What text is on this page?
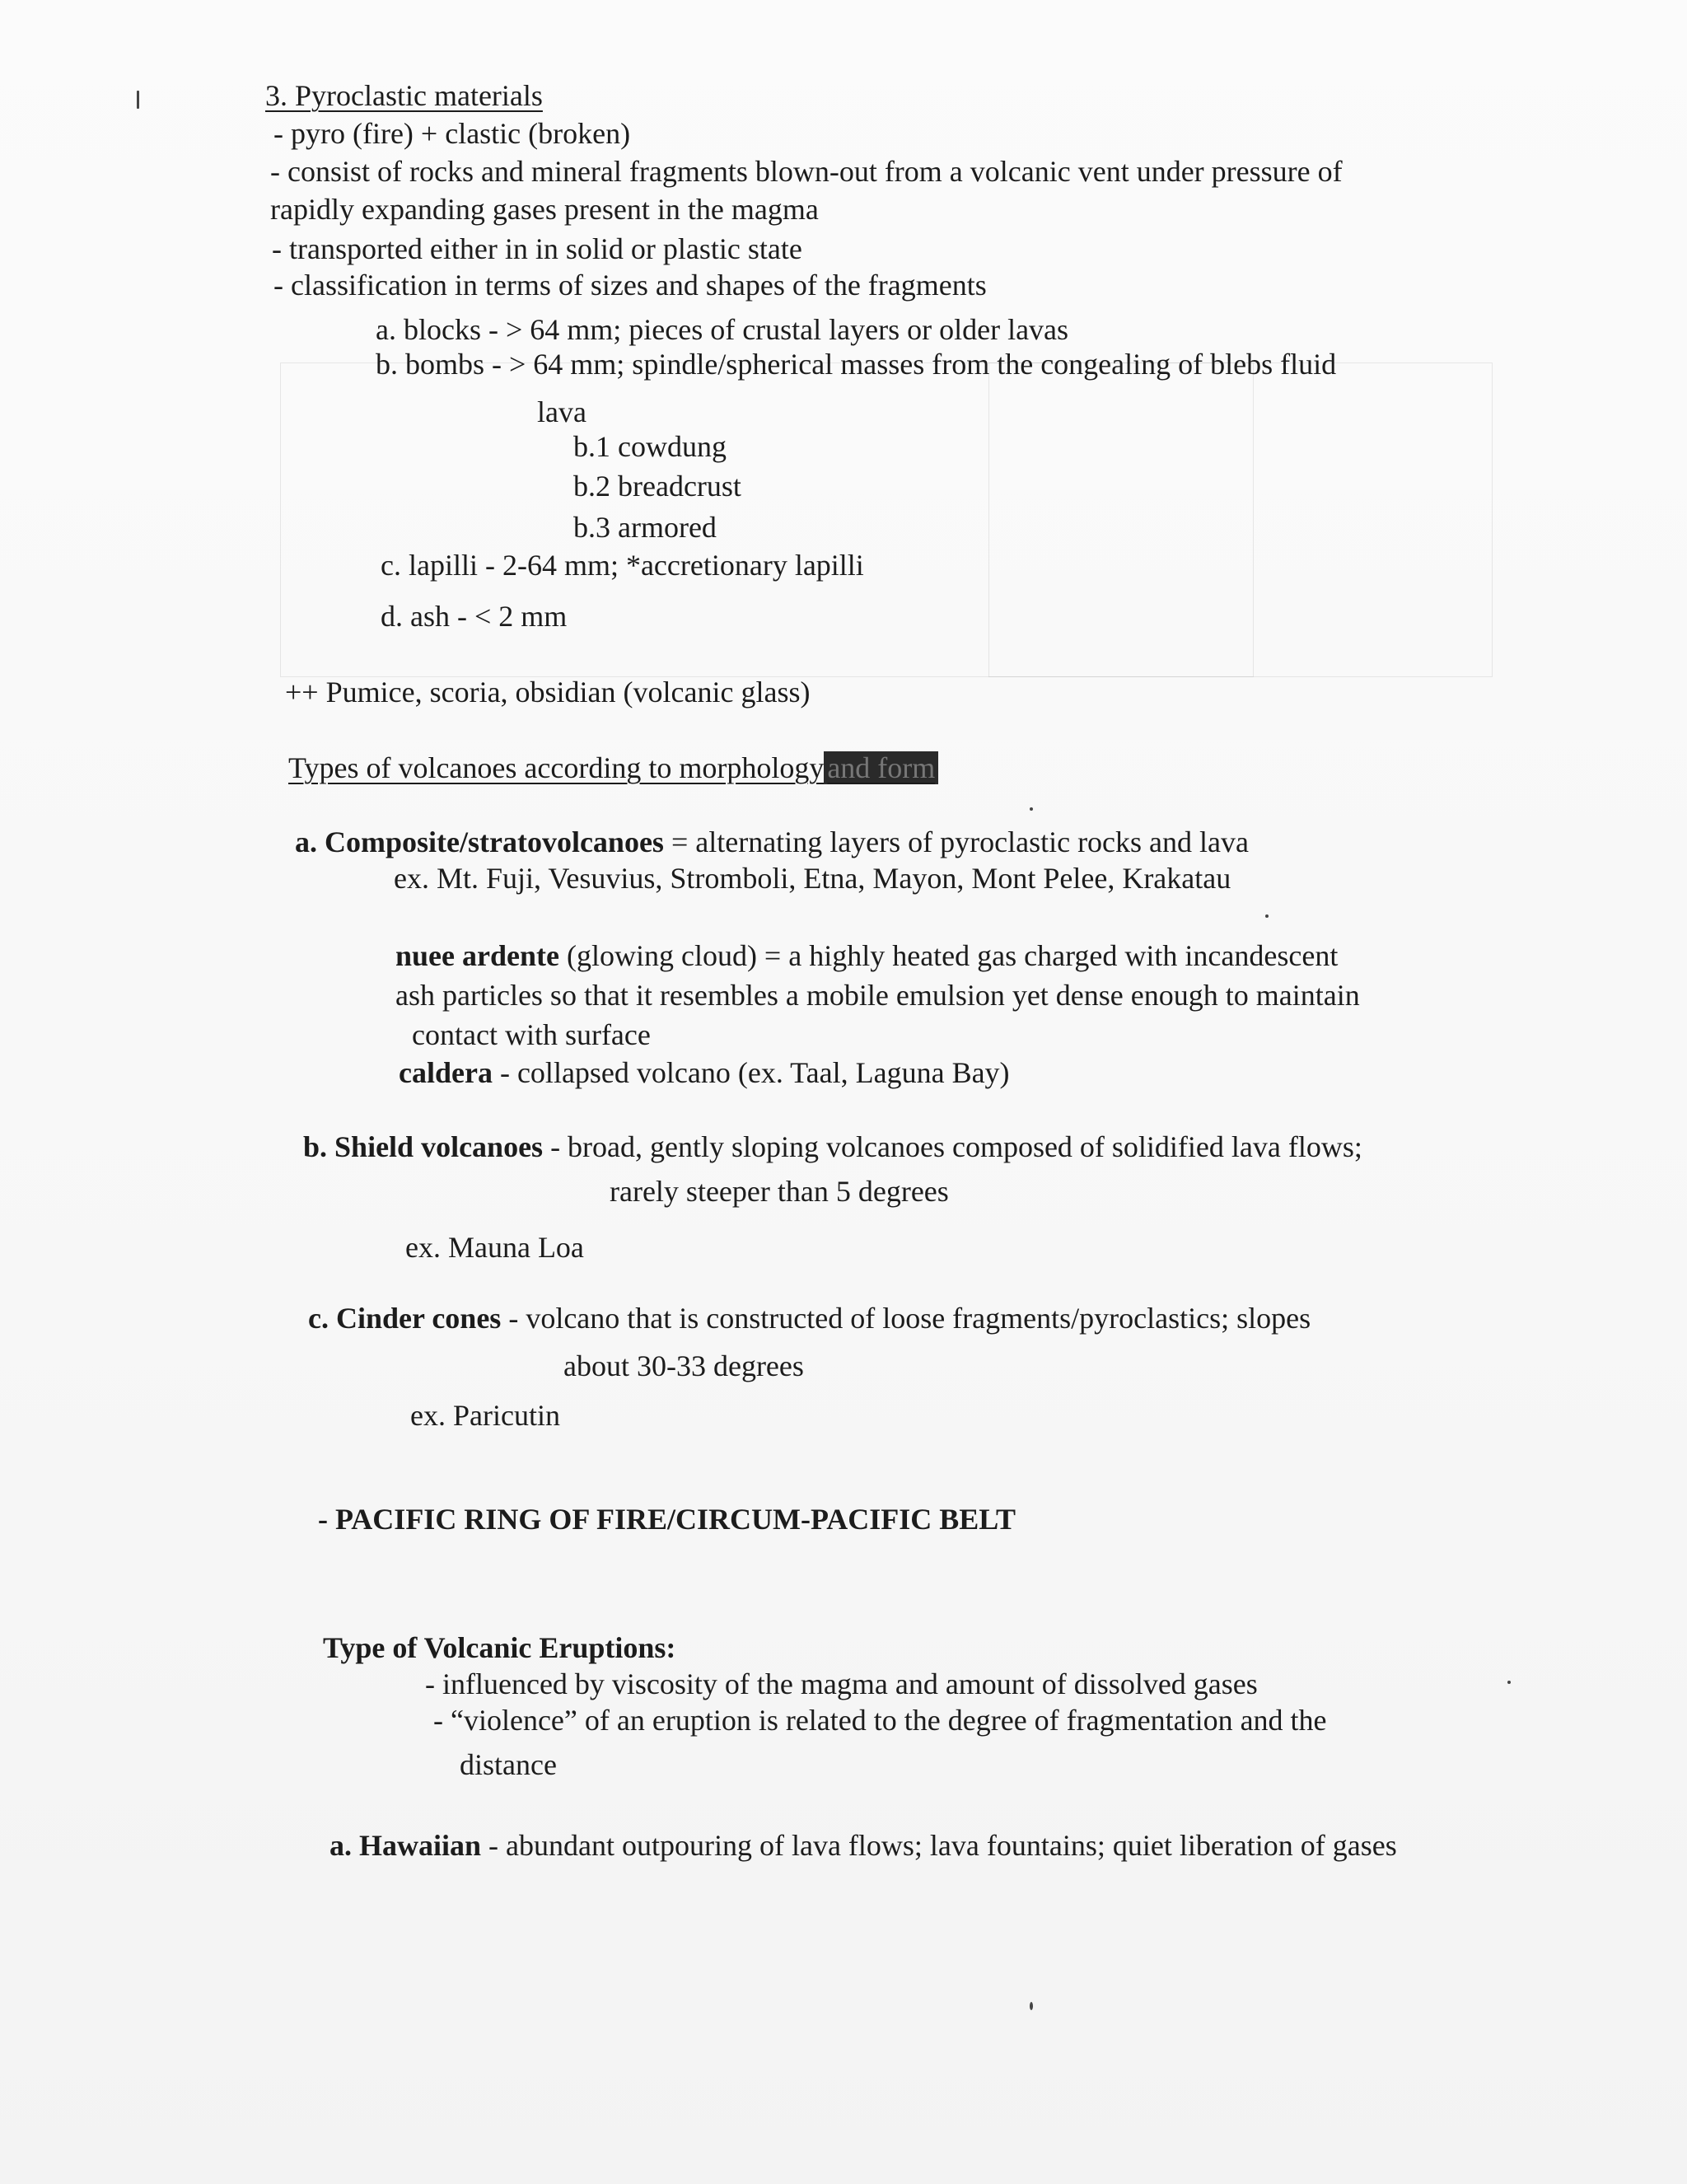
3. Pyroclastic materials
- pyro (fire) + clastic (broken)
- consist of rocks and mineral fragments blown-out from a volcanic vent under pressure of
rapidly expanding gases present in the magma
- transported either in in solid or plastic state
- classification in terms of sizes and shapes of the fragments
a. blocks - > 64 mm; pieces of crustal layers or older lavas
b. bombs - > 64 mm; spindle/spherical masses from the congealing of blebs fluid
lava
b.1 cowdung
b.2 breadcrust
b.3 armored
c. lapilli - 2-64 mm; *accretionary lapilli
d. ash - < 2 mm
++ Pumice, scoria, obsidian (volcanic glass)
Types of volcanoes according to morphology and form
a. Composite/stratovolcanoes = alternating layers of pyroclastic rocks and lava
ex. Mt. Fuji, Vesuvius, Stromboli, Etna, Mayon, Mont Pelee, Krakatau
nuee ardente (glowing cloud) = a highly heated gas charged with incandescent
ash particles so that it resembles a mobile emulsion yet dense enough to maintain
contact with surface
caldera - collapsed volcano (ex. Taal, Laguna Bay)
b. Shield volcanoes - broad, gently sloping volcanoes composed of solidified lava flows;
rarely steeper than 5 degrees
ex. Mauna Loa
c. Cinder cones - volcano that is constructed of loose fragments/pyroclastics; slopes
about 30-33 degrees
ex. Paricutin
- PACIFIC RING OF FIRE/CIRCUM-PACIFIC BELT
Type of Volcanic Eruptions:
- influenced by viscosity of the magma and amount of dissolved gases
- “violence” of an eruption is related to the degree of fragmentation and the
distance
a. Hawaiian - abundant outpouring of lava flows; lava fountains; quiet liberation of gases
